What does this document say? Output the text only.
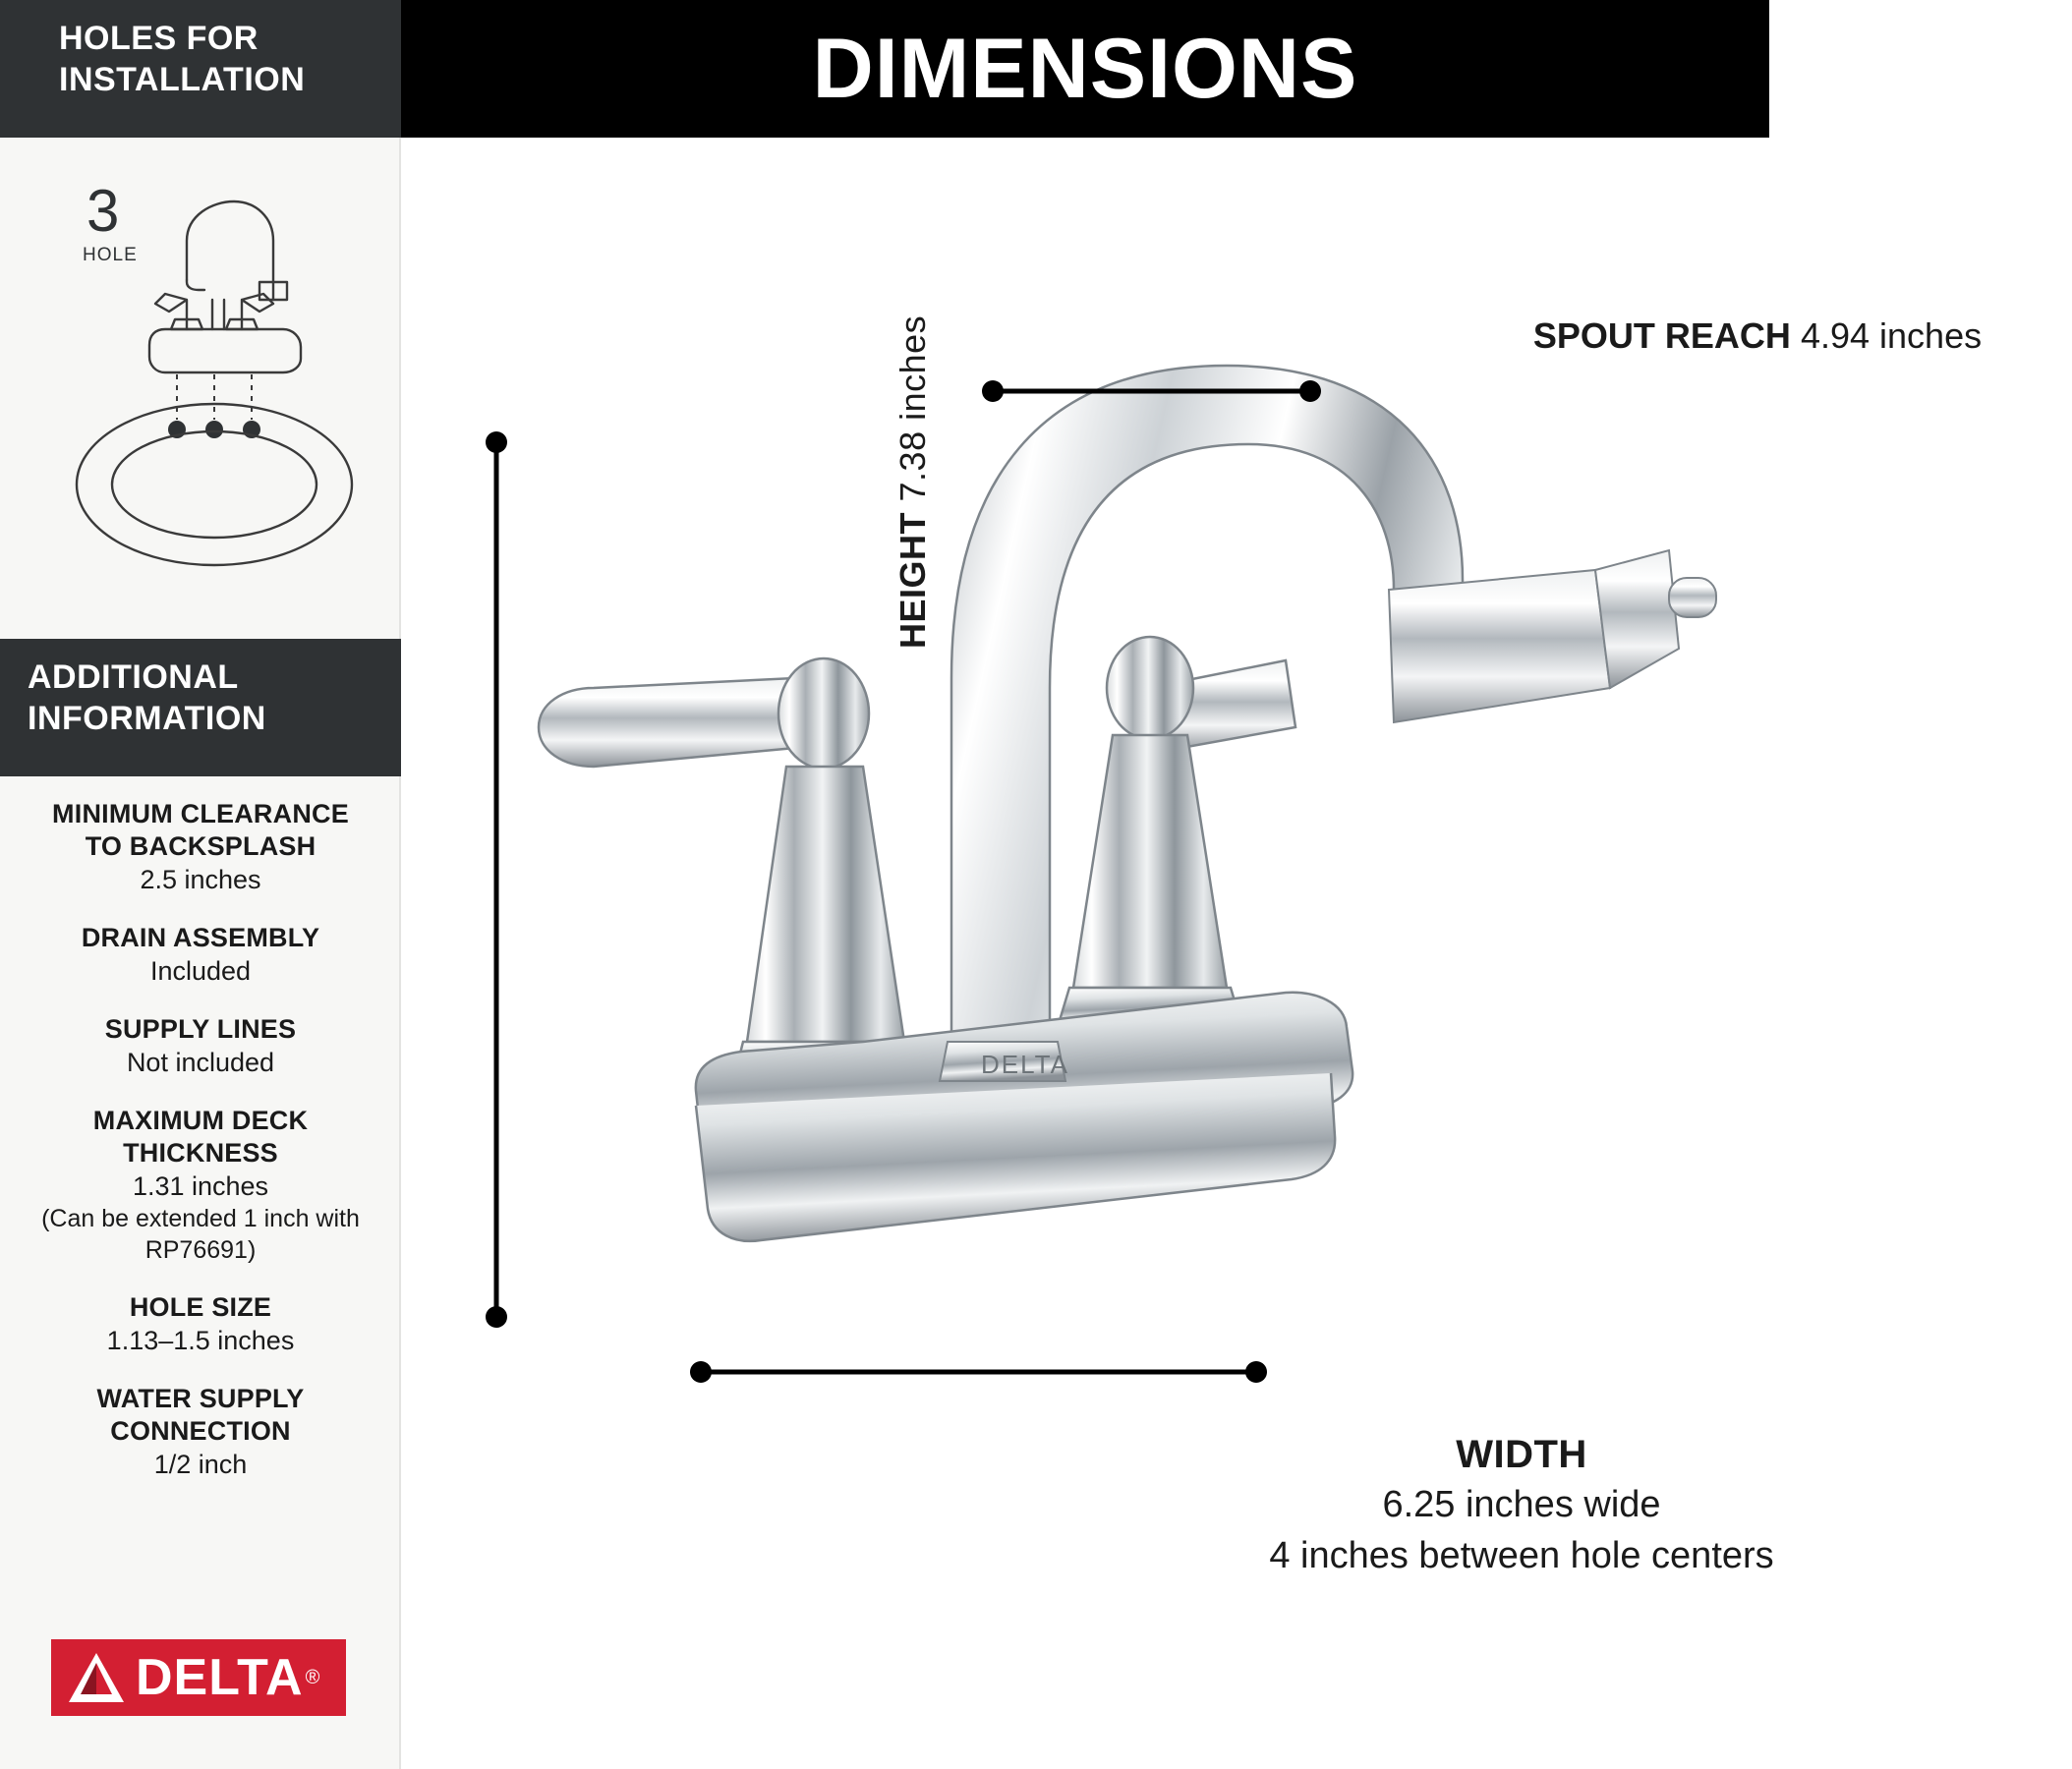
HOLES FOR
INSTALLATION
3
HOLE
ADDITIONAL
INFORMATION
MINIMUM CLEARANCE
TO BACKSPLASH
2.5 inches
DRAIN ASSEMBLY
Included
SUPPLY LINES
Not included
MAXIMUM DECK
THICKNESS
1.31 inches
(Can be extended 1 inch with RP76691)
HOLE SIZE
1.13–1.5 inches
WATER SUPPLY
CONNECTION
1/2 inch
DELTA ®
DIMENSIONS
DELTA
SPOUT REACH 4.94 inches
HEIGHT 7.38 inches
WIDTH
6.25 inches wide
4 inches between hole centers
